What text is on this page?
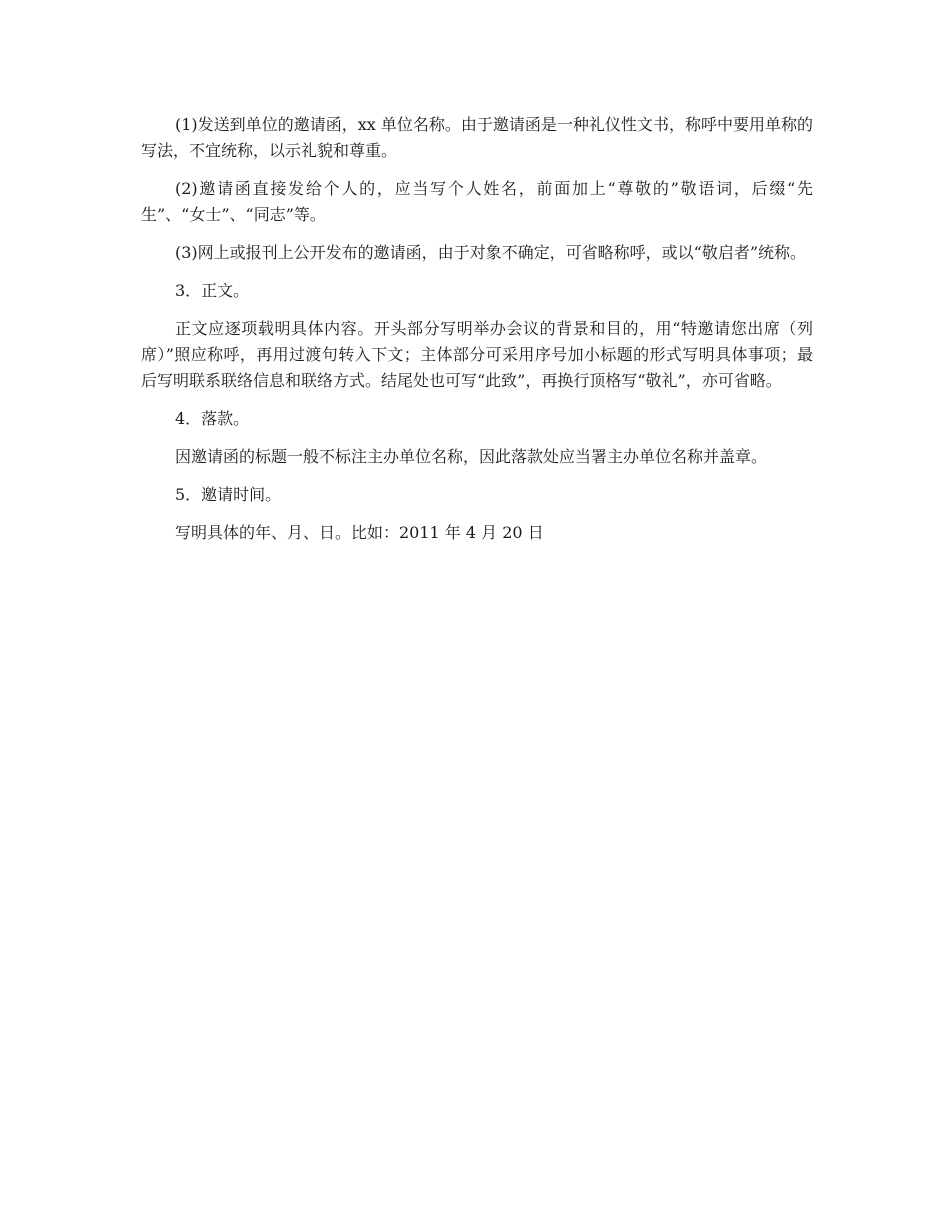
(1)发送到单位的邀请函，xx 单位名称。由于邀请函是一种礼仪性文书，称呼中要用单称的写法，不宜统称，以示礼貌和尊重。

(2)邀请函直接发给个人的，应当写个人姓名，前面加上“尊敬的”敬语词，后缀“先生”、“女士”、“同志”等。

(3)网上或报刊上公开发布的邀请函，由于对象不确定，可省略称呼，或以“敬启者”统称。

3．正文。

正文应逐项载明具体内容。开头部分写明举办会议的背景和目的，用“特邀请您出席（列席）”照应称呼，再用过渡句转入下文；主体部分可采用序号加小标题的形式写明具体事项；最后写明联系联络信息和联络方式。结尾处也可写“此致”，再换行顶格写“敬礼”，亦可省略。

4．落款。

因邀请函的标题一般不标注主办单位名称，因此落款处应当署主办单位名称并盖章。

5．邀请时间。

写明具体的年、月、日。比如：2011 年 4 月 20 日
